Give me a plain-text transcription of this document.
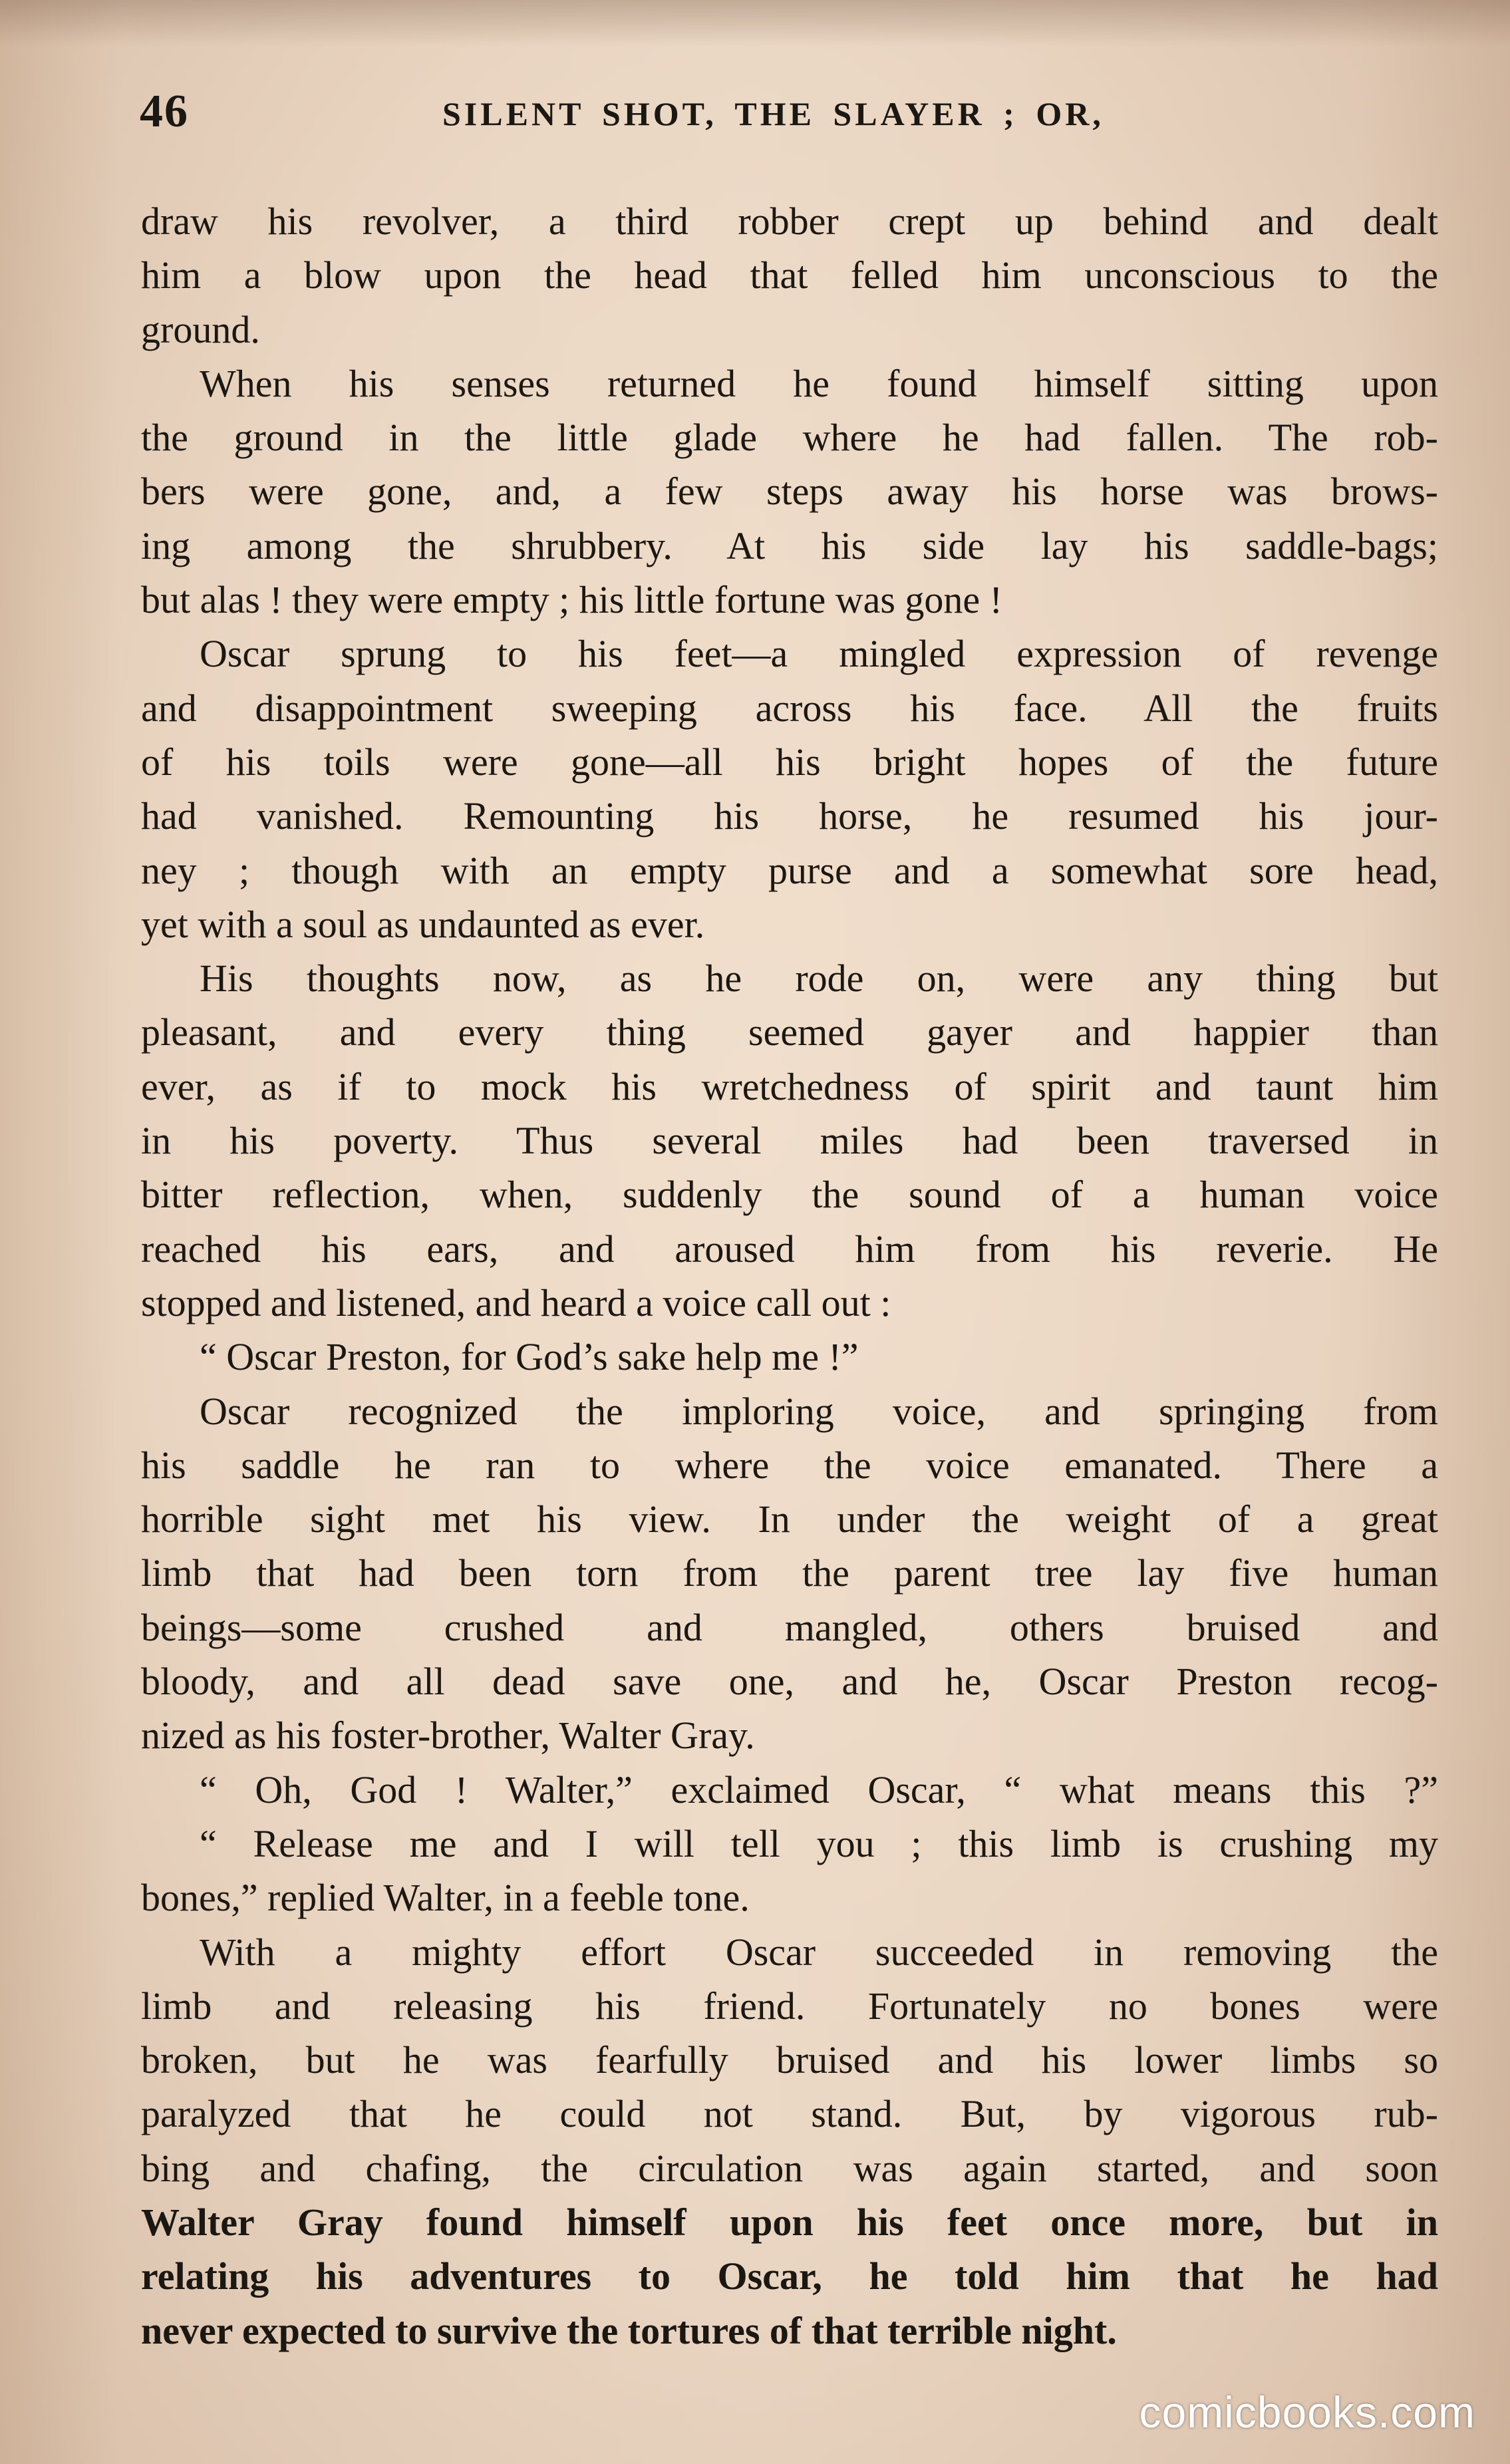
46	SILENT SHOT, THE SLAYER ; OR,
draw his revolver, a third robber crept up behind and dealt
him a blow upon the head that felled him unconscious to the
ground.
When his senses returned he found himself sitting upon
the ground in the little glade where he had fallen. The rob-
bers were gone, and, a few steps away his horse was brows-
ing among the shrubbery. At his side lay his saddle-bags;
but alas ! they were empty ; his little fortune was gone !
Oscar sprung to his feet—a mingled expression of revenge
and disappointment sweeping across his face. All the fruits
of his toils were gone—all his bright hopes of the future
had vanished. Remounting his horse, he resumed his jour-
ney ; though with an empty purse and a somewhat sore head,
yet with a soul as undaunted as ever.
His thoughts now, as he rode on, were any thing but
pleasant, and every thing seemed gayer and happier than
ever, as if to mock his wretchedness of spirit and taunt him
in his poverty. Thus several miles had been traversed in
bitter reflection, when, suddenly the sound of a human voice
reached his ears, and aroused him from his reverie. He
stopped and listened, and heard a voice call out :
“ Oscar Preston, for God’s sake help me !”
Oscar recognized the imploring voice, and springing from
his saddle he ran to where the voice emanated. There a
horrible sight met his view. In under the weight of a great
limb that had been torn from the parent tree lay five human
beings—some crushed and mangled, others bruised and
bloody, and all dead save one, and he, Oscar Preston recog-
nized as his foster-brother, Walter Gray.
“ Oh, God ! Walter,” exclaimed Oscar, “ what means this ?”
“ Release me and I will tell you ; this limb is crushing my
bones,” replied Walter, in a feeble tone.
With a mighty effort Oscar succeeded in removing the
limb and releasing his friend. Fortunately no bones were
broken, but he was fearfully bruised and his lower limbs so
paralyzed that he could not stand. But, by vigorous rub-
bing and chafing, the circulation was again started, and soon
Walter Gray found himself upon his feet once more, but in
relating his adventures to Oscar, he told him that he had
never expected to survive the tortures of that terrible night.
comicbooks.com
